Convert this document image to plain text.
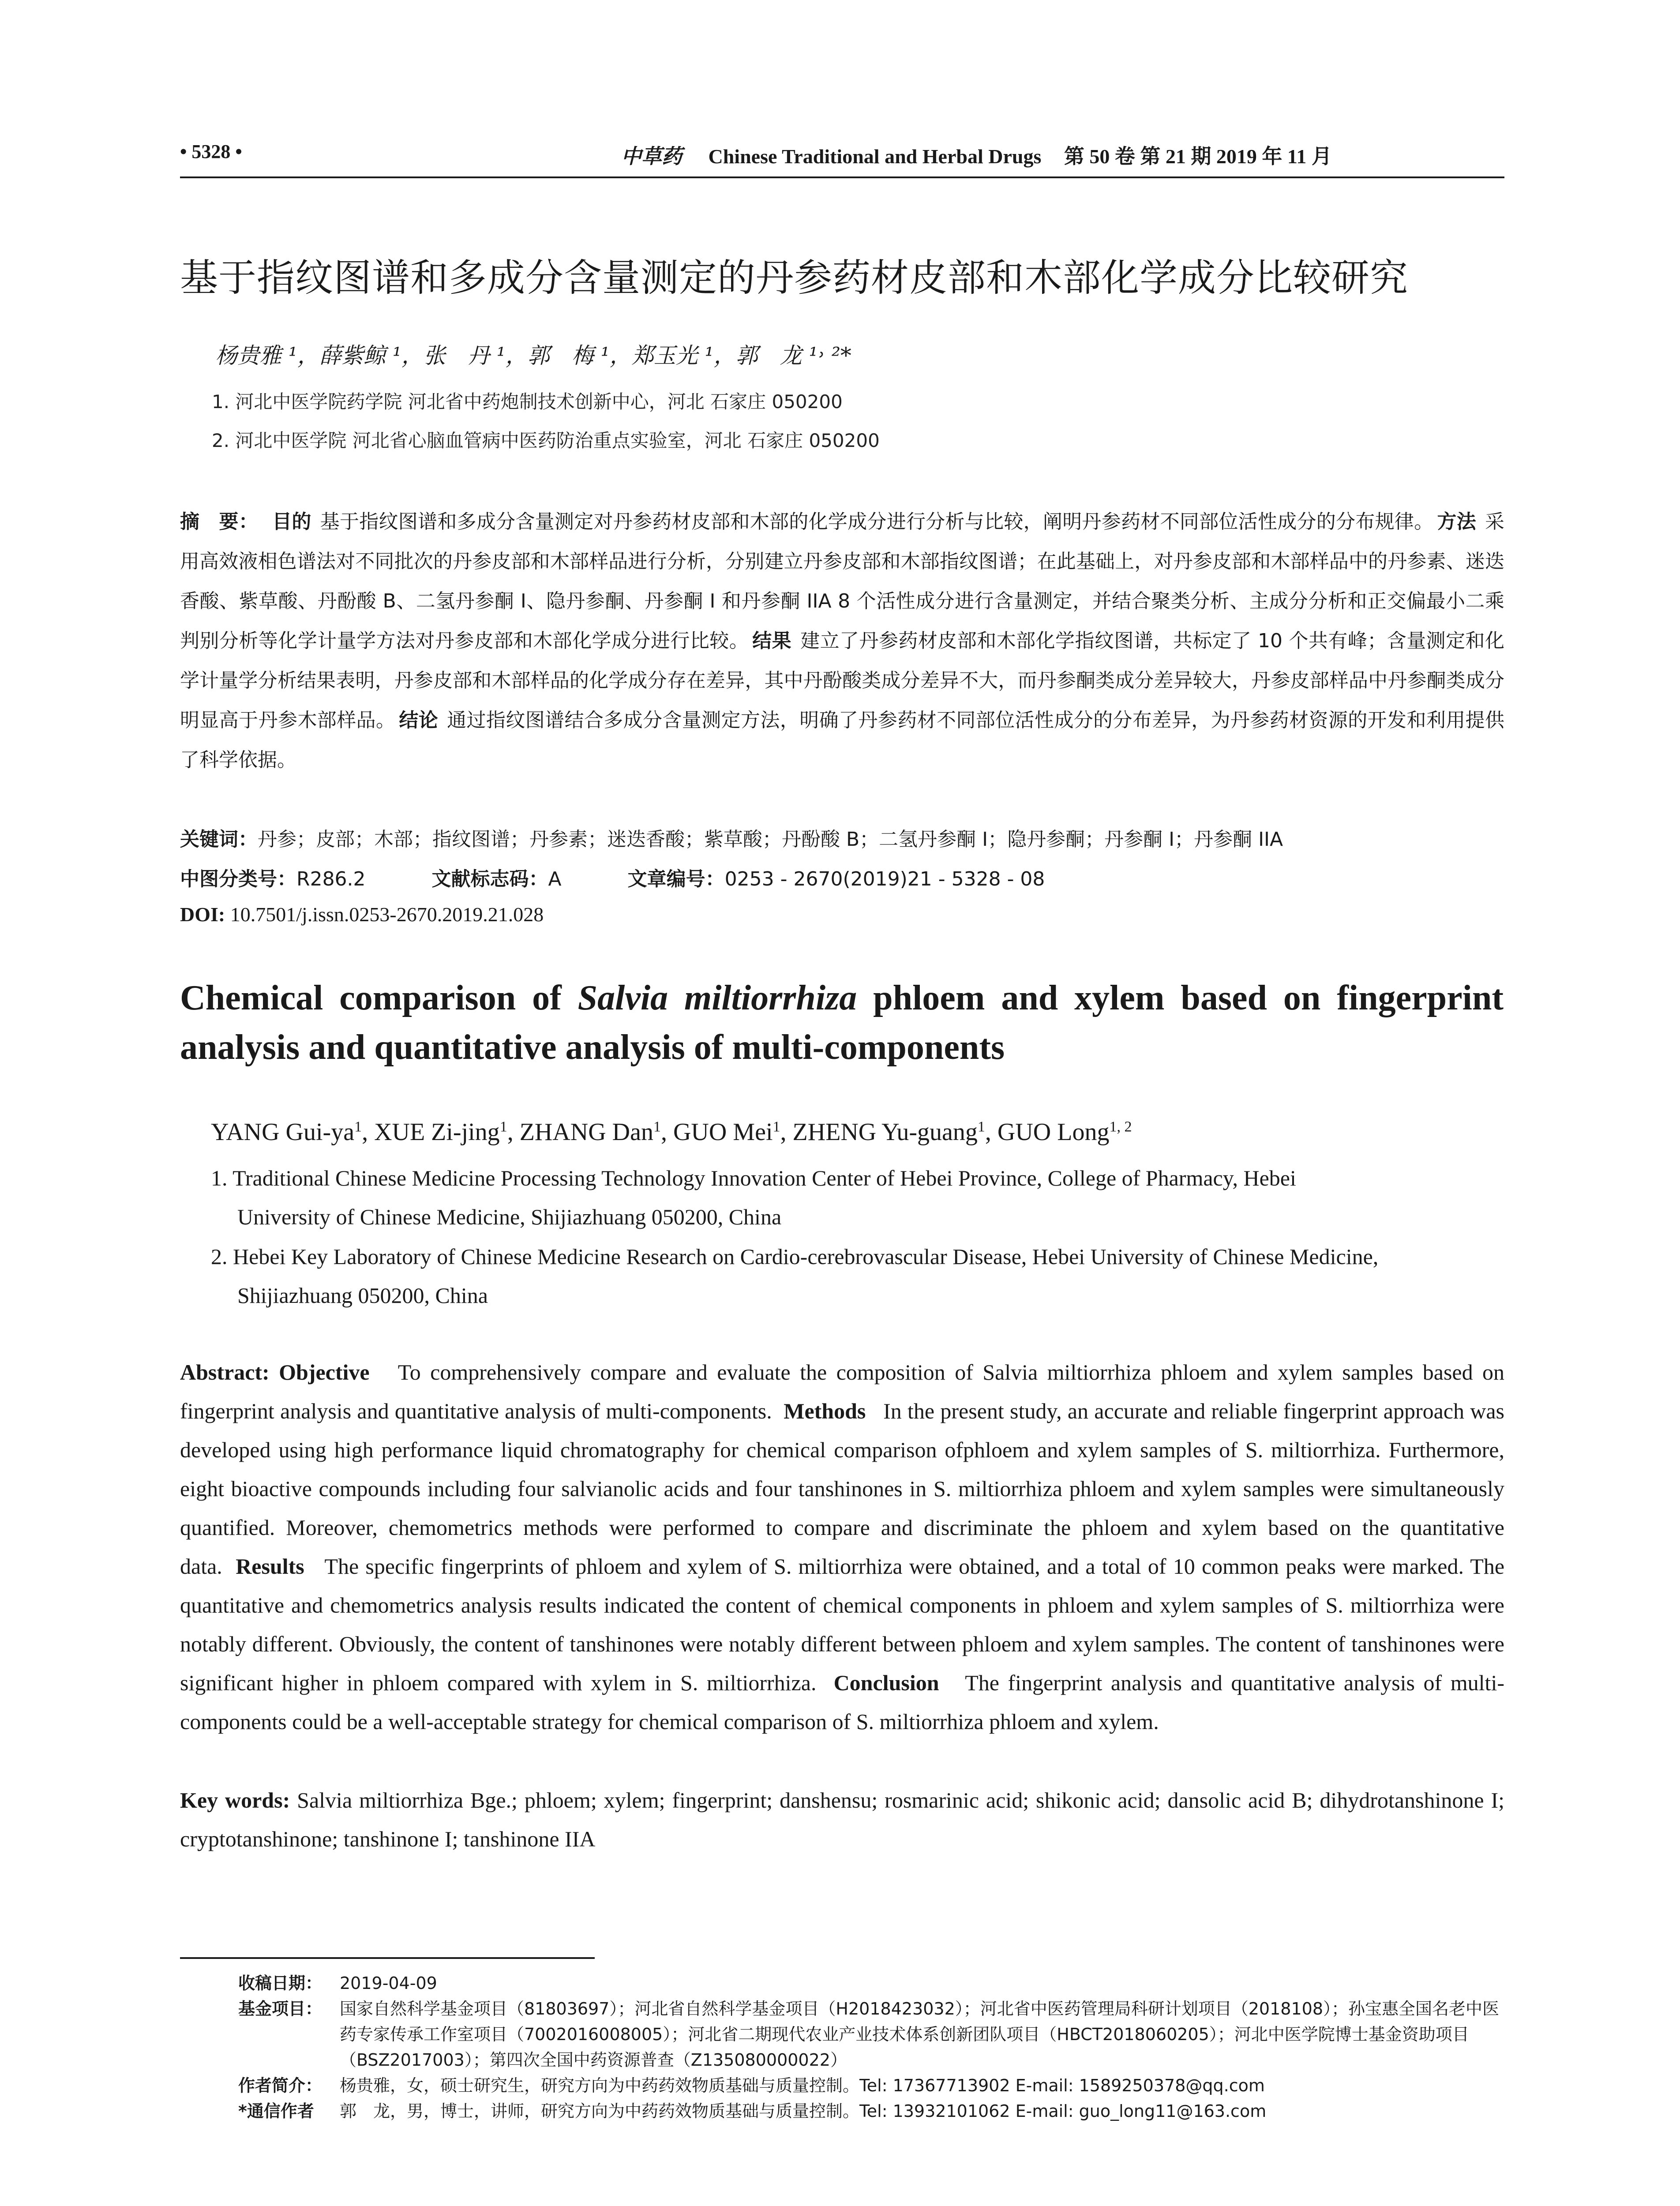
• 5328 •	中草药 Chinese Traditional and Herbal Drugs 第 50 卷 第 21 期 2019 年 11 月
基于指纹图谱和多成分含量测定的丹参药材皮部和木部化学成分比较研究
杨贵雅 ¹，薛紫鲸 ¹，张　丹 ¹，郭　梅 ¹，郑玉光 ¹，郭　龙 ¹˒ ²*
1. 河北中医学院药学院 河北省中药炮制技术创新中心，河北 石家庄 050200
2. 河北中医学院 河北省心脑血管病中医药防治重点实验室，河北 石家庄 050200
摘　要： 目的 基于指纹图谱和多成分含量测定对丹参药材皮部和木部的化学成分进行分析与比较，阐明丹参药材不同部位活性成分的分布规律。 方法 采用高效液相色谱法对不同批次的丹参皮部和木部样品进行分析，分别建立丹参皮部和木部指纹图谱；在此基础上，对丹参皮部和木部样品中的丹参素、迷迭香酸、紫草酸、丹酚酸 B、二氢丹参酮 I、隐丹参酮、丹参酮 I 和丹参酮 IIA 8 个活性成分进行含量测定，并结合聚类分析、主成分分析和正交偏最小二乘判别分析等化学计量学方法对丹参皮部和木部化学成分进行比较。 结果 建立了丹参药材皮部和木部化学指纹图谱，共标定了 10 个共有峰；含量测定和化学计量学分析结果表明，丹参皮部和木部样品的化学成分存在差异，其中丹酚酸类成分差异不大，而丹参酮类成分差异较大，丹参皮部样品中丹参酮类成分明显高于丹参木部样品。 结论 通过指纹图谱结合多成分含量测定方法，明确了丹参药材不同部位活性成分的分布差异，为丹参药材资源的开发和利用提供了科学依据。
关键词：丹参；皮部；木部；指纹图谱；丹参素；迷迭香酸；紫草酸；丹酚酸 B；二氢丹参酮 I；隐丹参酮；丹参酮 I；丹参酮 IIA
中图分类号：R286.2	文献标志码：A	文章编号：0253 - 2670(2019)21 - 5328 - 08
DOI: 10.7501/j.issn.0253-2670.2019.21.028
Chemical comparison of Salvia miltiorrhiza phloem and xylem based on fingerprint analysis and quantitative analysis of multi-components
YANG Gui-$ya^1$, XUE Zi-jing$^1$, ZHANG Dan$^1$, GUO Mei$^1$, ZHENG Yu-guang$^1$, GUO Long$^{1, 2}$
1. Traditional Chinese Medicine Processing Technology Innovation Center of Hebei Province, College of Pharmacy, Hebei
University of Chinese Medicine, Shijiazhuang 050200, China
2. Hebei Key Laboratory of Chinese Medicine Research on Cardio-cerebrovascular Disease, Hebei University of Chinese Medicine,
Shijiazhuang 050200, China
Abstract: Objective To comprehensively compare and evaluate the composition of Salvia miltiorrhiza phloem and xylem samples based on fingerprint analysis and quantitative analysis of multi-components. Methods In the present study, an accurate and reliable fingerprint approach was developed using high performance liquid chromatography for chemical comparison ofphloem and xylem samples of S. miltiorrhiza. Furthermore, eight bioactive compounds including four salvianolic acids and four tanshinones in S. miltiorrhiza phloem and xylem samples were simultaneously quantified. Moreover, chemometrics methods were performed to compare and discriminate the phloem and xylem based on the quantitative data. Results The specific fingerprints of phloem and xylem of S. miltiorrhiza were obtained, and a total of 10 common peaks were marked. The quantitative and chemometrics analysis results indicated the content of chemical components in phloem and xylem samples of S. miltiorrhiza were notably different. Obviously, the content of tanshinones were notably different between phloem and xylem samples. The content of tanshinones were significant higher in phloem compared with xylem in S. miltiorrhiza. Conclusion The fingerprint analysis and quantitative analysis of multi-components could be a well-acceptable strategy for chemical comparison of S. miltiorrhiza phloem and xylem.
Key words: Salvia miltiorrhiza Bge.; phloem; xylem; fingerprint; danshensu; rosmarinic acid; shikonic acid; dansolic acid B; dihydrotanshinone I; cryptotanshinone; tanshinone I; tanshinone IIA
收稿日期： 2019-04-09
基金项目： 国家自然科学基金项目（81803697）；河北省自然科学基金项目（H2018423032）；河北省中医药管理局科研计划项目（2018108）；孙宝惠全国名老中医药专家传承工作室项目（7002016008005）；河北省二期现代农业产业技术体系创新团队项目（HBCT2018060205）；河北中医学院博士基金资助项目（BSZ2017003）；第四次全国中药资源普查（Z135080000022）
作者简介： 杨贵雅，女，硕士研究生，研究方向为中药药效物质基础与质量控制。Tel: 17367713902 E-mail: 1589250378@qq.com
*通信作者 郭　龙，男，博士，讲师，研究方向为中药药效物质基础与质量控制。Tel: 13932101062 E-mail: guo_long11@163.com
